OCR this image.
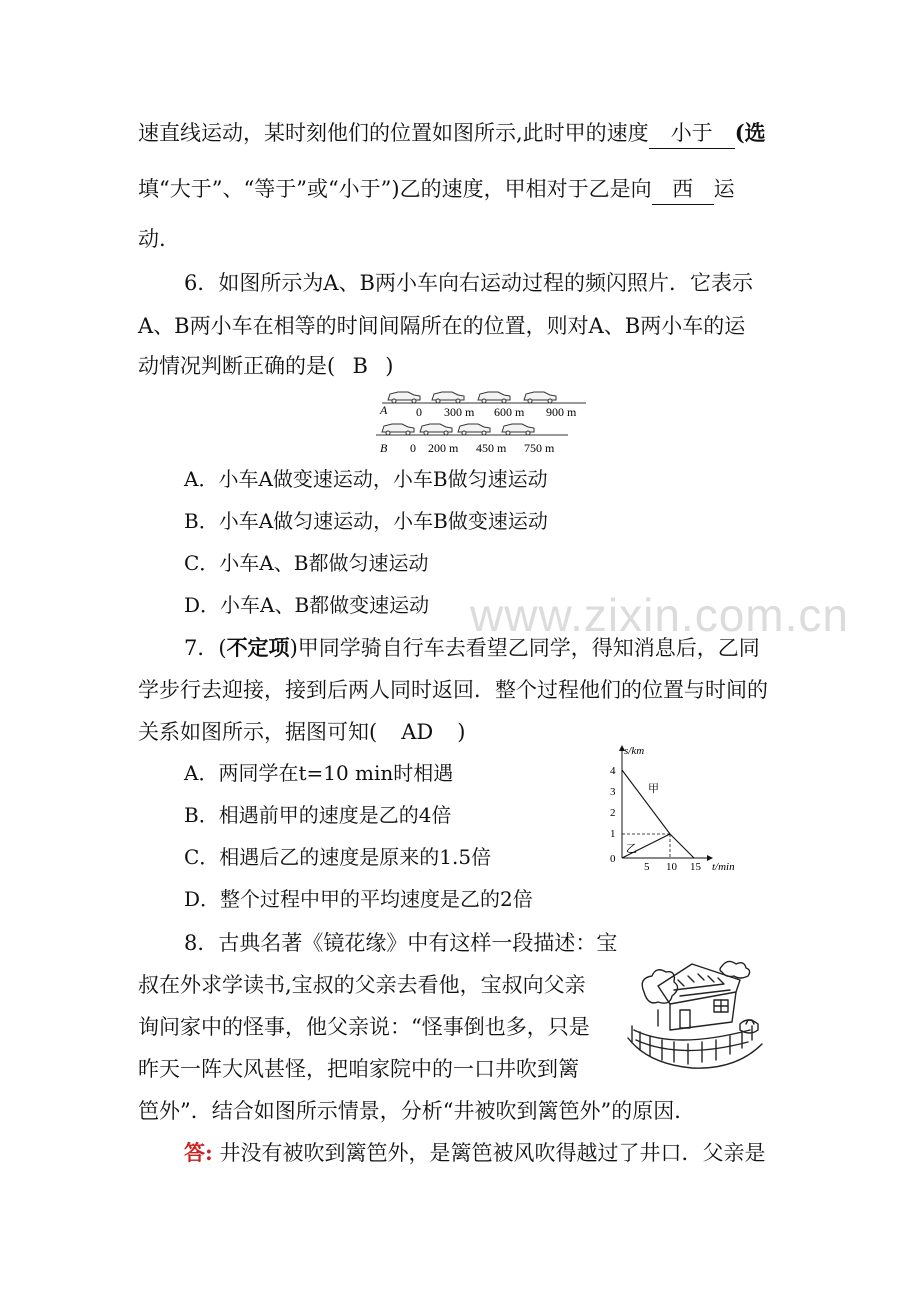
速直线运动，某时刻他们的位置如图所示,此时甲的速度 小于 (选
填“大于”、“等于”或“小于”)乙的速度，甲相对于乙是向 西 运
动.
6．如图所示为A、B两小车向右运动过程的频闪照片．它表示
A、B两小车在相等的时间间隔所在的位置，则对A、B两小车的运
动情况判断正确的是( B )
A 0 300 m 600 m 900 m
B 0 200 m 450 m 750 m
A．小车A做变速运动，小车B做匀速运动
B．小车A做匀速运动，小车B做变速运动
C．小车A、B都做匀速运动
D．小车A、B都做变速运动 www.zixin.com.cn
7．(不定项)甲同学骑自行车去看望乙同学，得知消息后，乙同
学步行去迎接，接到后两人同时返回．整个过程他们的位置与时间的
关系如图所示，据图可知( AD )
A．两同学在t=10 min时相遇
B．相遇前甲的速度是乙的4倍
C．相遇后乙的速度是原来的1.5倍
D．整个过程中甲的平均速度是乙的2倍
s/km
t/min
4
3
2
1
0
5 10 15
甲
乙
8．古典名著《镜花缘》中有这样一段描述：宝
叔在外求学读书,宝叔的父亲去看他，宝叔向父亲
询问家中的怪事，他父亲说：“怪事倒也多，只是
昨天一阵大风甚怪，把咱家院中的一口井吹到篱
笆外”．结合如图所示情景，分析“井被吹到篱笆外”的原因．
答: 井没有被吹到篱笆外，是篱笆被风吹得越过了井口．父亲是
